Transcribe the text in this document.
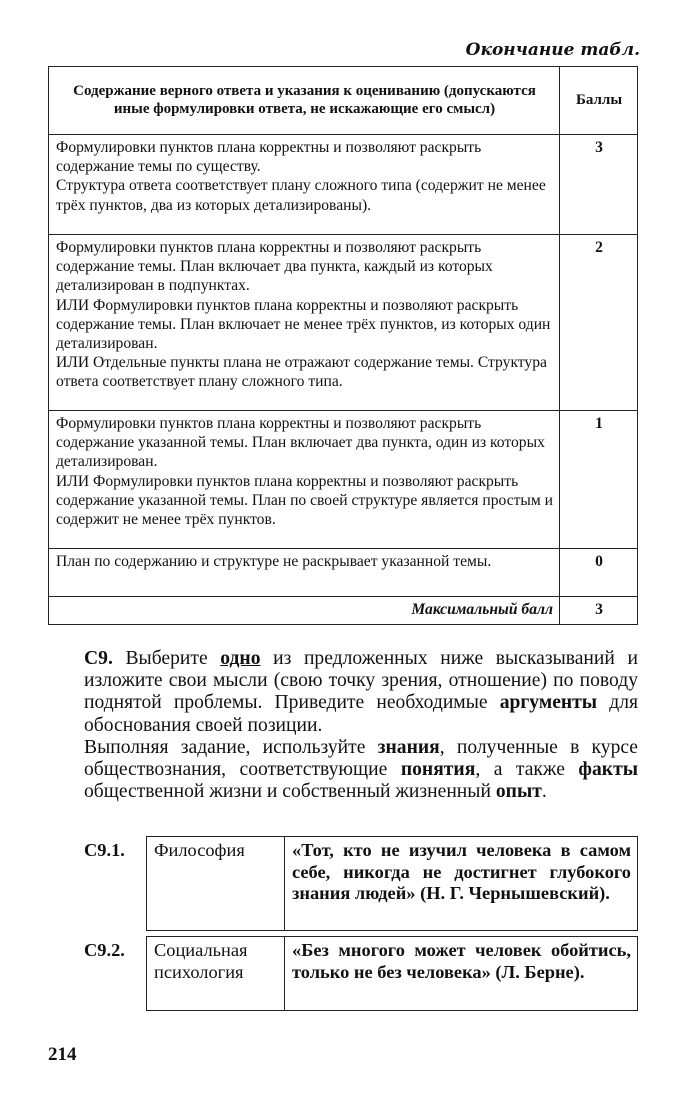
Окончание табл.
Содержание верного ответа и указания к оцениванию (допускаются иные формулировки ответа, не искажающие его смысл)	Баллы

Формулировки пунктов плана корректны и позволяют раскрыть содержание темы по существу.
Структура ответа соответствует плану сложного типа (содержит не менее трёх пунктов, два из которых детализированы).	3

Формулировки пунктов плана корректны и позволяют раскрыть содержание темы. План включает два пункта, каждый из которых детализирован в подпунктах.
ИЛИ Формулировки пунктов плана корректны и позволяют раскрыть содержание темы. План включает не менее трёх пунктов, из которых один детализирован.
ИЛИ Отдельные пункты плана не отражают содержание темы. Структура ответа соответствует плану сложного типа.	2

Формулировки пунктов плана корректны и позволяют раскрыть содержание указанной темы. План включает два пункта, один из которых детализирован.
ИЛИ Формулировки пунктов плана корректны и позволяют раскрыть содержание указанной темы. План по своей структуре является простым и содержит не менее трёх пунктов.	1

План по содержанию и структуре не раскрывает указанной темы.	0
Максимальный балл	3

С9. Выберите одно из предложенных ниже высказываний и изложите свои мысли (свою точку зрения, отношение) по поводу поднятой проблемы. Приведите необходимые аргументы для обоснования своей позиции.

Выполняя задание, используйте знания, полученные в курсе обществознания, соответствующие понятия, а также факты общественной жизни и собственный жизненный опыт.

С9.1. Философия	«Тот, кто не изучил человека в самом себе, никогда не достигнет глубокого знания людей» (Н. Г. Чернышевский).
С9.2. Социальная психология	«Без многого может человек обойтись, только не без человека» (Л. Берне).
214
